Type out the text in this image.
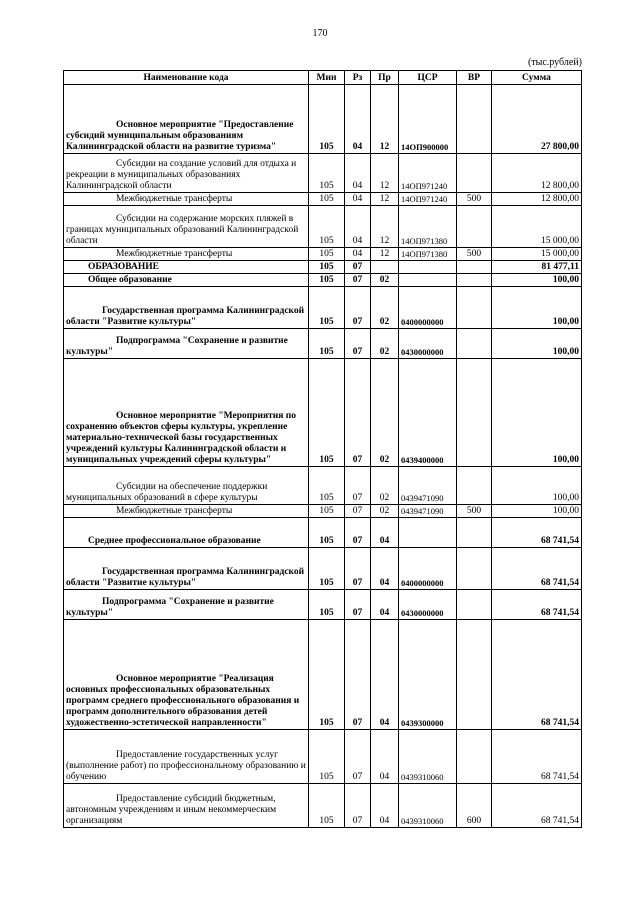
170
(тыс.рублей)
Наименование кода	Мин	Рз	Пр	ЦСР	ВР	Сумма
Основное мероприятие "Предоставление субсидий муниципальным образованиям Калининградской области на развитие туризма"	105	04	12	14ОП900000		27 800,00
Субсидии на создание условий для отдыха и рекреации в муниципальных образованиях Калининградской области	105	04	12	14ОП971240		12 800,00
Межбюджетные трансферты	105	04	12	14ОП971240	500	12 800,00
Субсидии на содержание морских пляжей в границах муниципальных образований Калининградской области	105	04	12	14ОП971380		15 000,00
Межбюджетные трансферты	105	04	12	14ОП971380	500	15 000,00
ОБРАЗОВАНИЕ	105	07				81 477,11
Общее образование	105	07	02			100,00
Государственная программа Калининградской области "Развитие культуры"	105	07	02	0400000000		100,00
Подпрограмма "Сохранение и развитие культуры"	105	07	02	0430000000		100,00
Основное мероприятие "Мероприятия по сохранению объектов сферы культуры, укрепление материально-технической базы государственных учреждений культуры Калининградской области и муниципальных учреждений сферы культуры"	105	07	02	0439400000		100,00
Субсидии на обеспечение поддержки муниципальных образований в сфере культуры	105	07	02	0439471090		100,00
Межбюджетные трансферты	105	07	02	0439471090	500	100,00
Среднее профессиональное образование	105	07	04			68 741,54
Государственная программа Калининградской области "Развитие культуры"	105	07	04	0400000000		68 741,54
Подпрограмма "Сохранение и развитие культуры"	105	07	04	0430000000		68 741,54
Основное мероприятие "Реализация основных профессиональных образовательных программ среднего профессионального образования и программ дополнительного образования детей художественно-эстетической направленности"	105	07	04	0439300000		68 741,54
Предоставление государственных услуг (выполнение работ) по профессиональному образованию и обучению	105	07	04	0439310060		68 741,54
Предоставление субсидий бюджетным, автономным учреждениям и иным некоммерческим организациям	105	07	04	0439310060	600	68 741,54
